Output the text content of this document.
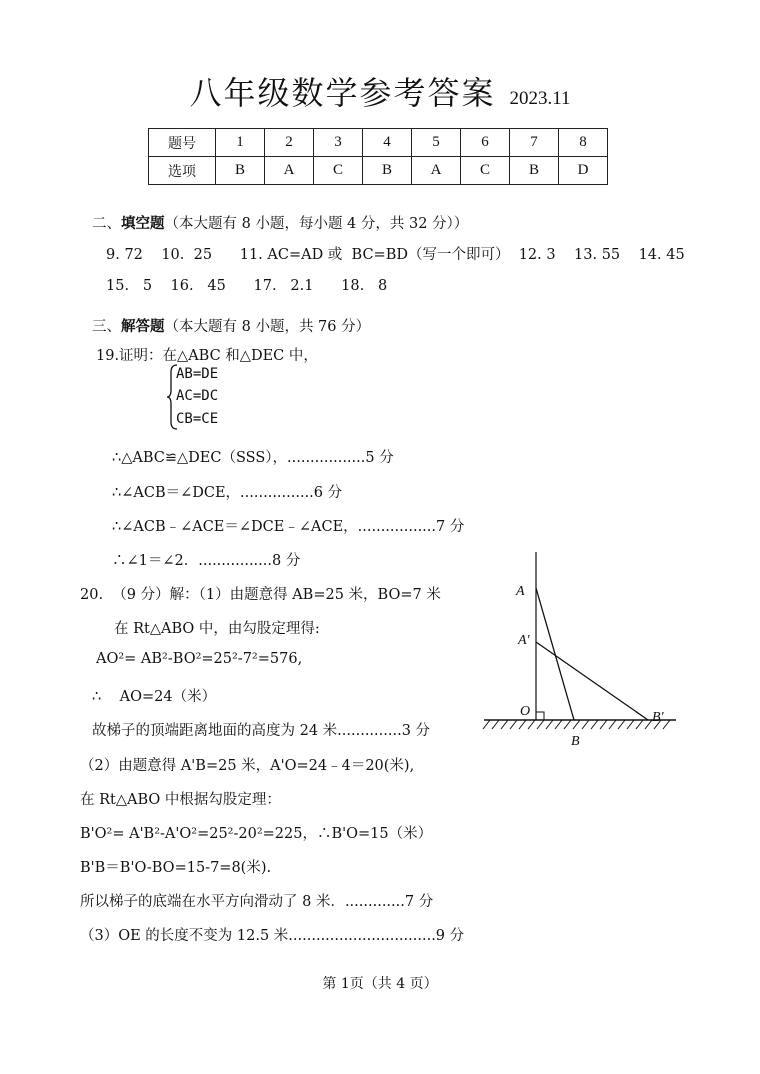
八年级数学参考答案 2023.11
题号	1	2	3	4	5	6	7	8
选项	B	A	C	B	A	C	B	D
二、填空题（本大题有 8 小题，每小题 4 分，共 32 分））
9. 72    10.  25      11. AC=AD 或  BC=BD（写一个即可）  12. 3    13. 55    14. 45
15.   5    16.   45      17.   2.1      18.   8
三、解答题（本大题有 8 小题，共 76 分）
19.证明：在△ABC 和△DEC 中，
AB=DE
AC=DC
CB=CE
∴△ABC≌△DEC（SSS），.................5 分
∴∠ACB＝∠DCE，................6 分
∴∠ACB﹣∠ACE＝∠DCE﹣∠ACE，.................7 分
∴∠1＝∠2．................8 分
20.  （9 分）解：（1）由题意得 AB=25 米，BO=7 米
在 Rt△ABO 中，由勾股定理得:
AO²= AB²-BO²=25²-7²=576,
∴    AO=24（米）
故梯子的顶端距离地面的高度为 24 米..............3 分
（2）由题意得 A'B=25 米，A'O=24﹣4＝20(米),
在 Rt△ABO 中根据勾股定理：
B'O²= A'B²-A'O²=25²-20²=225，∴B'O=15（米）
B'B＝B'O-BO=15-7=8(米).
所以梯子的底端在水平方向滑动了 8 米．.............7 分
（3）OE 的长度不变为 12.5 米................................9 分
A
A′
O
B
B′
第 1页（共 4 页）
